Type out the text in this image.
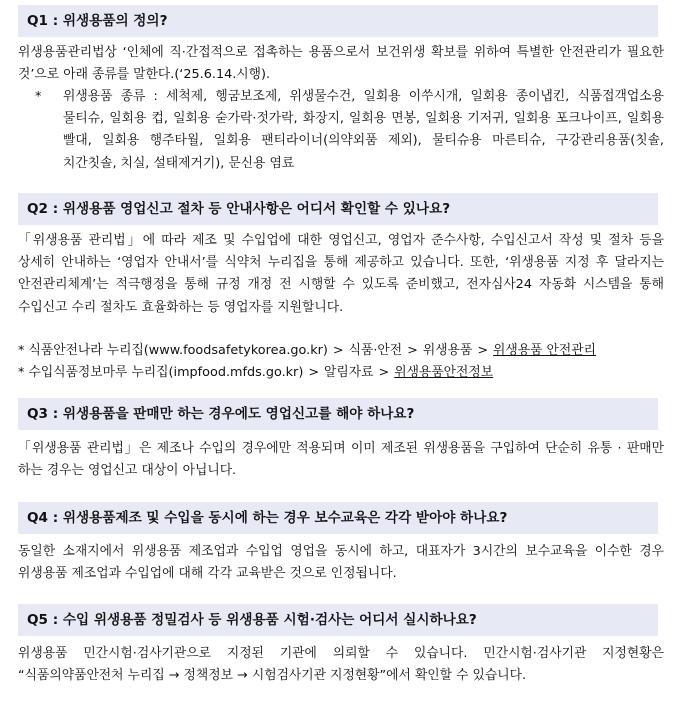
Q1 : 위생용품의 정의?

위생용품관리법상 ‘인체에 직·간접적으로 접촉하는 용품으로서 보건위생 확보를 위하여 특별한 안전관리가 필요한 것’으로 아래 종류를 말한다.(‘25.6.14.시행).

* 위생용품 종류 : 세척제, 헹굼보조제, 위생물수건, 일회용 이쑤시개, 일회용 종이냅킨, 식품접객업소용 물티슈, 일회용 컵, 일회용 숟가락·젓가락, 화장지, 일회용 면봉, 일회용 기저귀, 일회용 포크나이프, 일회용 빨대, 일회용 행주타월, 일회용 팬티라이너(의약외품 제외), 물티슈용 마른티슈, 구강관리용품(칫솔, 치간칫솔, 치실, 설태제거기), 문신용 염료

Q2 : 위생용품 영업신고 절차 등 안내사항은 어디서 확인할 수 있나요?

「위생용품 관리법」에 따라 제조 및 수입업에 대한 영업신고, 영업자 준수사항, 수입신고서 작성 및 절차 등을 상세히 안내하는 ‘영업자 안내서’를 식약처 누리집을 통해 제공하고 있습니다. 또한, ‘위생용품 지정 후 달라지는 안전관리체계’는 적극행정을 통해 규정 개정 전 시행할 수 있도록 준비했고, 전자심사24 자동화 시스템을 통해 수입신고 수리 절차도 효율화하는 등 영업자를 지원할니다.

* 식품안전나라 누리집(www.foodsafetykorea.go.kr) > 식품·안전 > 위생용품 > 위생용품 안전관리

* 수입식품정보마루 누리집(impfood.mfds.go.kr) > 알림자료 > 위생용품안전정보

Q3 : 위생용품을 판매만 하는 경우에도 영업신고를 해야 하나요?

「위생용품 관리법」은 제조나 수입의 경우에만 적용되며 이미 제조된 위생용품을 구입하여 단순히 유통 · 판매만 하는 경우는 영업신고 대상이 아닙니다.

Q4 : 위생용품제조 및 수입을 동시에 하는 경우 보수교육은 각각 받아야 하나요?

동일한 소재지에서 위생용품 제조업과 수입업 영업을 동시에 하고, 대표자가 3시간의 보수교육을 이수한 경우 위생용품 제조업과 수입업에 대해 각각 교육받은 것으로 인정됩니다.

Q5 : 수입 위생용품 정밀검사 등 위생용품 시험·검사는 어디서 실시하나요?

위생용품 민간시험·검사기관으로 지정된 기관에 의뢰할 수 있습니다. 민간시험·검사기관 지정현황은 “식품의약품안전처 누리집 → 정책정보 → 시험검사기관 지정현황”에서 확인할 수 있습니다.
